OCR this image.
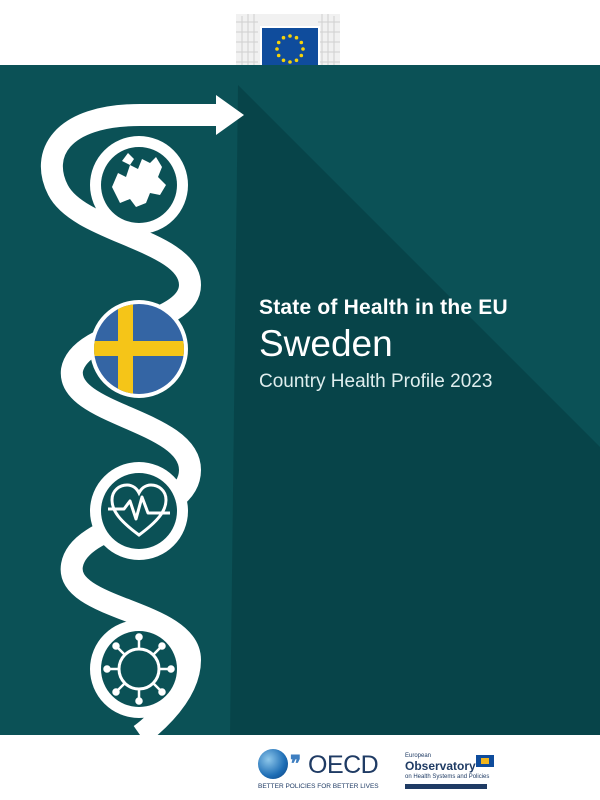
State of Health in the EU
Sweden
Country Health Profile 2023
❜❜ OECD
BETTER POLICIES FOR BETTER LIVES
European
Observatory
on Health Systems and Policies
